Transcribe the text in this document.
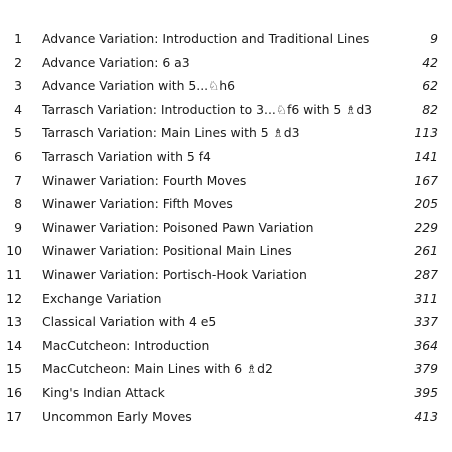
1 Advance Variation: Introduction and Traditional Lines	9
2 Advance Variation: 6 a3	42
3 Advance Variation with 5...♘h6	62
4 Tarrasch Variation: Introduction to 3...♘f6 with 5 ♗d3	82
5 Tarrasch Variation: Main Lines with 5 ♗d3	113
6 Tarrasch Variation with 5 f4	141
7 Winawer Variation: Fourth Moves	167
8 Winawer Variation: Fifth Moves	205
9 Winawer Variation: Poisoned Pawn Variation	229
10 Winawer Variation: Positional Main Lines	261
11 Winawer Variation: Portisch-Hook Variation	287
12 Exchange Variation	311
13 Classical Variation with 4 e5	337
14 MacCutcheon: Introduction	364
15 MacCutcheon: Main Lines with 6 ♗d2	379
16 King's Indian Attack	395
17 Uncommon Early Moves	413
